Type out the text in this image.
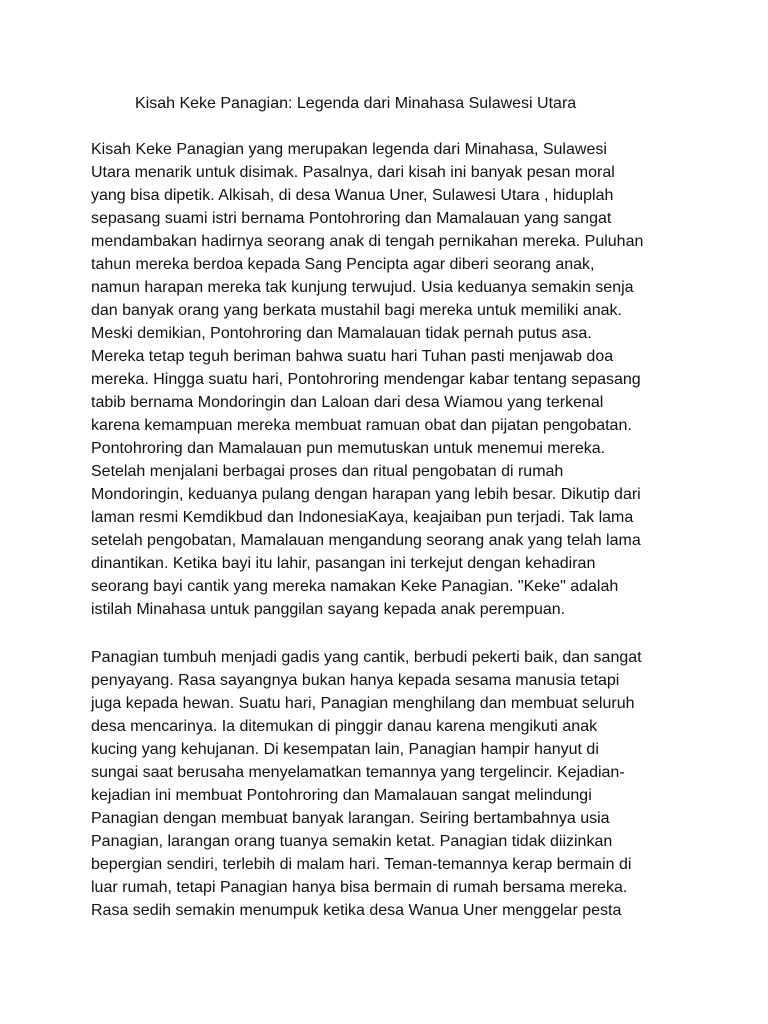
Kisah Keke Panagian: Legenda dari Minahasa Sulawesi Utara
Kisah Keke Panagian yang merupakan legenda dari Minahasa, Sulawesi
Utara menarik untuk disimak. Pasalnya, dari kisah ini banyak pesan moral
yang bisa dipetik. Alkisah, di desa Wanua Uner, Sulawesi Utara , hiduplah
sepasang suami istri bernama Pontohroring dan Mamalauan yang sangat
mendambakan hadirnya seorang anak di tengah pernikahan mereka. Puluhan
tahun mereka berdoa kepada Sang Pencipta agar diberi seorang anak,
namun harapan mereka tak kunjung terwujud. Usia keduanya semakin senja
dan banyak orang yang berkata mustahil bagi mereka untuk memiliki anak.
Meski demikian, Pontohroring dan Mamalauan tidak pernah putus asa.
Mereka tetap teguh beriman bahwa suatu hari Tuhan pasti menjawab doa
mereka. Hingga suatu hari, Pontohroring mendengar kabar tentang sepasang
tabib bernama Mondoringin dan Laloan dari desa Wiamou yang terkenal
karena kemampuan mereka membuat ramuan obat dan pijatan pengobatan.
Pontohroring dan Mamalauan pun memutuskan untuk menemui mereka.
Setelah menjalani berbagai proses dan ritual pengobatan di rumah
Mondoringin, keduanya pulang dengan harapan yang lebih besar. Dikutip dari
laman resmi Kemdikbud dan IndonesiaKaya, keajaiban pun terjadi. Tak lama
setelah pengobatan, Mamalauan mengandung seorang anak yang telah lama
dinantikan. Ketika bayi itu lahir, pasangan ini terkejut dengan kehadiran
seorang bayi cantik yang mereka namakan Keke Panagian. "Keke" adalah
istilah Minahasa untuk panggilan sayang kepada anak perempuan.
Panagian tumbuh menjadi gadis yang cantik, berbudi pekerti baik, dan sangat
penyayang. Rasa sayangnya bukan hanya kepada sesama manusia tetapi
juga kepada hewan. Suatu hari, Panagian menghilang dan membuat seluruh
desa mencarinya. Ia ditemukan di pinggir danau karena mengikuti anak
kucing yang kehujanan. Di kesempatan lain, Panagian hampir hanyut di
sungai saat berusaha menyelamatkan temannya yang tergelincir. Kejadian-
kejadian ini membuat Pontohroring dan Mamalauan sangat melindungi
Panagian dengan membuat banyak larangan. Seiring bertambahnya usia
Panagian, larangan orang tuanya semakin ketat. Panagian tidak diizinkan
bepergian sendiri, terlebih di malam hari. Teman-temannya kerap bermain di
luar rumah, tetapi Panagian hanya bisa bermain di rumah bersama mereka.
Rasa sedih semakin menumpuk ketika desa Wanua Uner menggelar pesta
